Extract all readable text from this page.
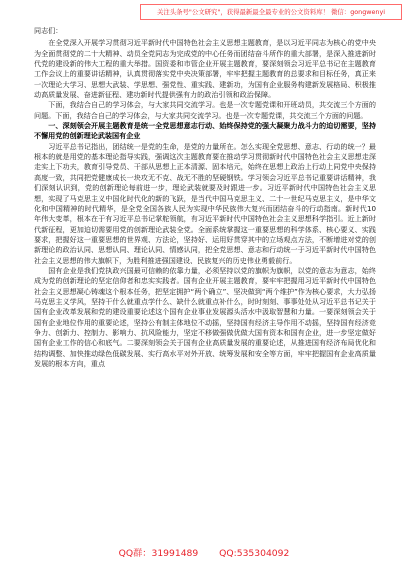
关注头条号"公文研究"，获得最新最全最专业的公文资料库！ 微信：gongwenyi

同志们：

在全党深入开展学习贯彻习近平新时代中国特色社会主义思想主题教育，是以习近平同志为核心的党中央为全面贯彻党的二十大精神、动员全党同志为完成党的中心任务而团结奋斗所作的重大部署，是深入推进新时代党的建设新的伟大工程的重大举措。国资委和市管企业开展主题教育，要深刻领会习近平总书记在主题教育工作会议上的重要讲话精神，认真贯彻落实党中央决策部署，牢牢把握主题教育的总要求和目标任务，真正来一次理论大学习、思想大武装、学思想、强党性、重实践、建新功，为国有企业服务构建新发展格局、积极推动高质量发展、奋进新征程、建功新时代提供强有力的政治引领和政治保障。

下面，我结合自己的学习体会，与大家共同交流学习。也是一次专题党课和开班动员，共交流三个方面的问题。下面，我结合自己的学习体会，与大家共同交流学习。也是一次专题党课，共交流三个方面的问题。

一、深刻领会开展主题教育是统一全党思想意志行动、始终保持党的强大凝聚力战斗力的迫切需要，坚持不懈用党的创新理论武装国有企业

习近平总书记指出，团结统一是党的生命，是党的力量所在。怎么实现全党思想、意志、行动的统一？最根本的就是用党的基本理论指导实践，强调这次主题教育要在推动学习贯彻新时代中国特色社会主义思想走深走实上下功夫，教育引导党员、干部从思想上正本清源、固本培元，始终在思想上政治上行动上同党中央保持高度一致，共同把党健康成长一块攻无不克、战无不胜的坚硬钢铁。学习领会习近平总书记重要讲话精神，我们深刻认识到，党的创新理论每前进一步，理论武装就要及时跟进一步。习近平新时代中国特色社会主义思想，实现了马克思主义中国化时代化的新的飞跃，是当代中国马克思主义、二十一世纪马克思主义，是中华文化和中国精神的时代精华，是全党全国各族人民为实现中华民族伟大复兴而团结奋斗的行动指南。新时代10年伟大变革，根本在于有习近平总书记掌舵领航，有习近平新时代中国特色社会主义思想科学指引。近上新时代新征程，更加迫切需要用党的创新理论武装全党。全面系统掌握这一重要思想的科学体系、核心要义、实践要求，把握好这一重要思想的世界观、方法论，坚持好、运用好贯穿其中的立场观点方法，不断增进对党的创新理论的政治认同、思想认同、理论认同、情感认同，把全党思想、意志和行动统一于习近平新时代中国特色社会主义思想的伟大旗帜下，为胜利推进强国建设、民族复兴的历史伟业勇毅前行。

国有企业是我们党执政兴国最可信赖的依靠力量，必须坚持以党的旗帜为旗帜，以党的意志为意志，始终成为党的创新理论的坚定信仰者和忠实实践者。国有企业开展主题教育，要牢牢把握用习近平新时代中国特色社会主义思想凝心铸魂这个根本任务，把坚定拥护“两个确立”、坚决做到“两个维护”作为核心要求，大力弘扬马克思主义学风，坚持干什么就重点学什么、缺什么就重点补什么，时时刻刻、事事处处从习近平总书记关于国有企业改革发展和党的建设重要论述这个国有企业事业发展源头活水中汲取智慧和力量。一要深刻领会关于国有企业地位作用的重要论述，坚持公有制主体地位不动摇，坚持国有经济主导作用不动摇，坚持国有经济竞争力、创新力、控制力、影响力、抗风险能力，坚定不移做强做优做大国有资本和国有企业，进一步坚定做好国有企业工作的信心和底气。二要深刻领会关于国有企业高质量发展的重要论述，从推进国有经济布局优化和结构调整、加快推动绿色低碳发展、实行高水平对外开放、统筹发展和安全等方面，牢牢把握国有企业高质量发展的根本方向，重点

QQ群：31991489 QQ:535304092
